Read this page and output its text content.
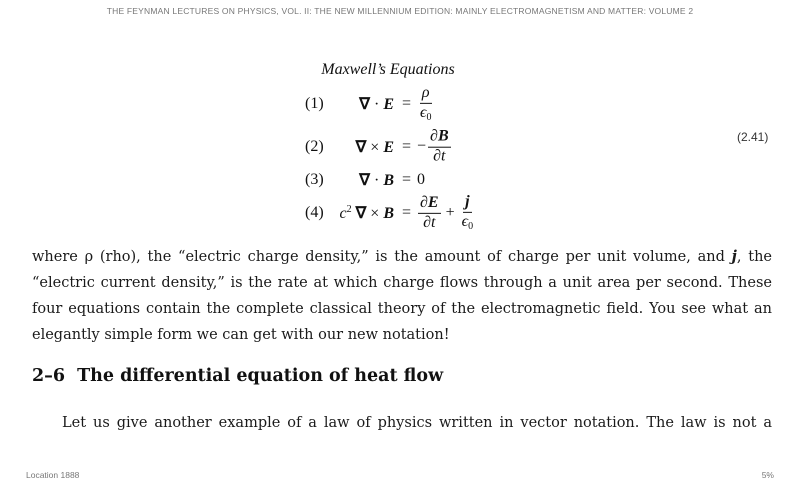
THE FEYNMAN LECTURES ON PHYSICS, VOL. II: THE NEW MILLENNIUM EDITION: MAINLY ELECTROMAGNETISM AND MATTER: VOLUME 2
Maxwell’s Equations
(1) ∇ · $E = \frac{\rho}{\epsilon_0}$
(2) ∇ × E = − $\frac{\partial B}{\partial t}$
(3) ∇ · B = 0
(4) $c^2$ ∇ × $B = \frac{\partial E}{\partial t} + \frac{j}{\epsilon_0}$
(2.41)

where ρ (rho), the “electric charge density,” is the amount of charge per unit volume, and j, the “electric current density,” is the rate at which charge flows through a unit area per second. These four equations contain the complete classical theory of the electromagnetic field. You see what an elegantly simple form we can get with our new notation!

2–6 The differential equation of heat flow

Let us give another example of a law of physics written in vector notation. The law is not a

Location 1888	5%
